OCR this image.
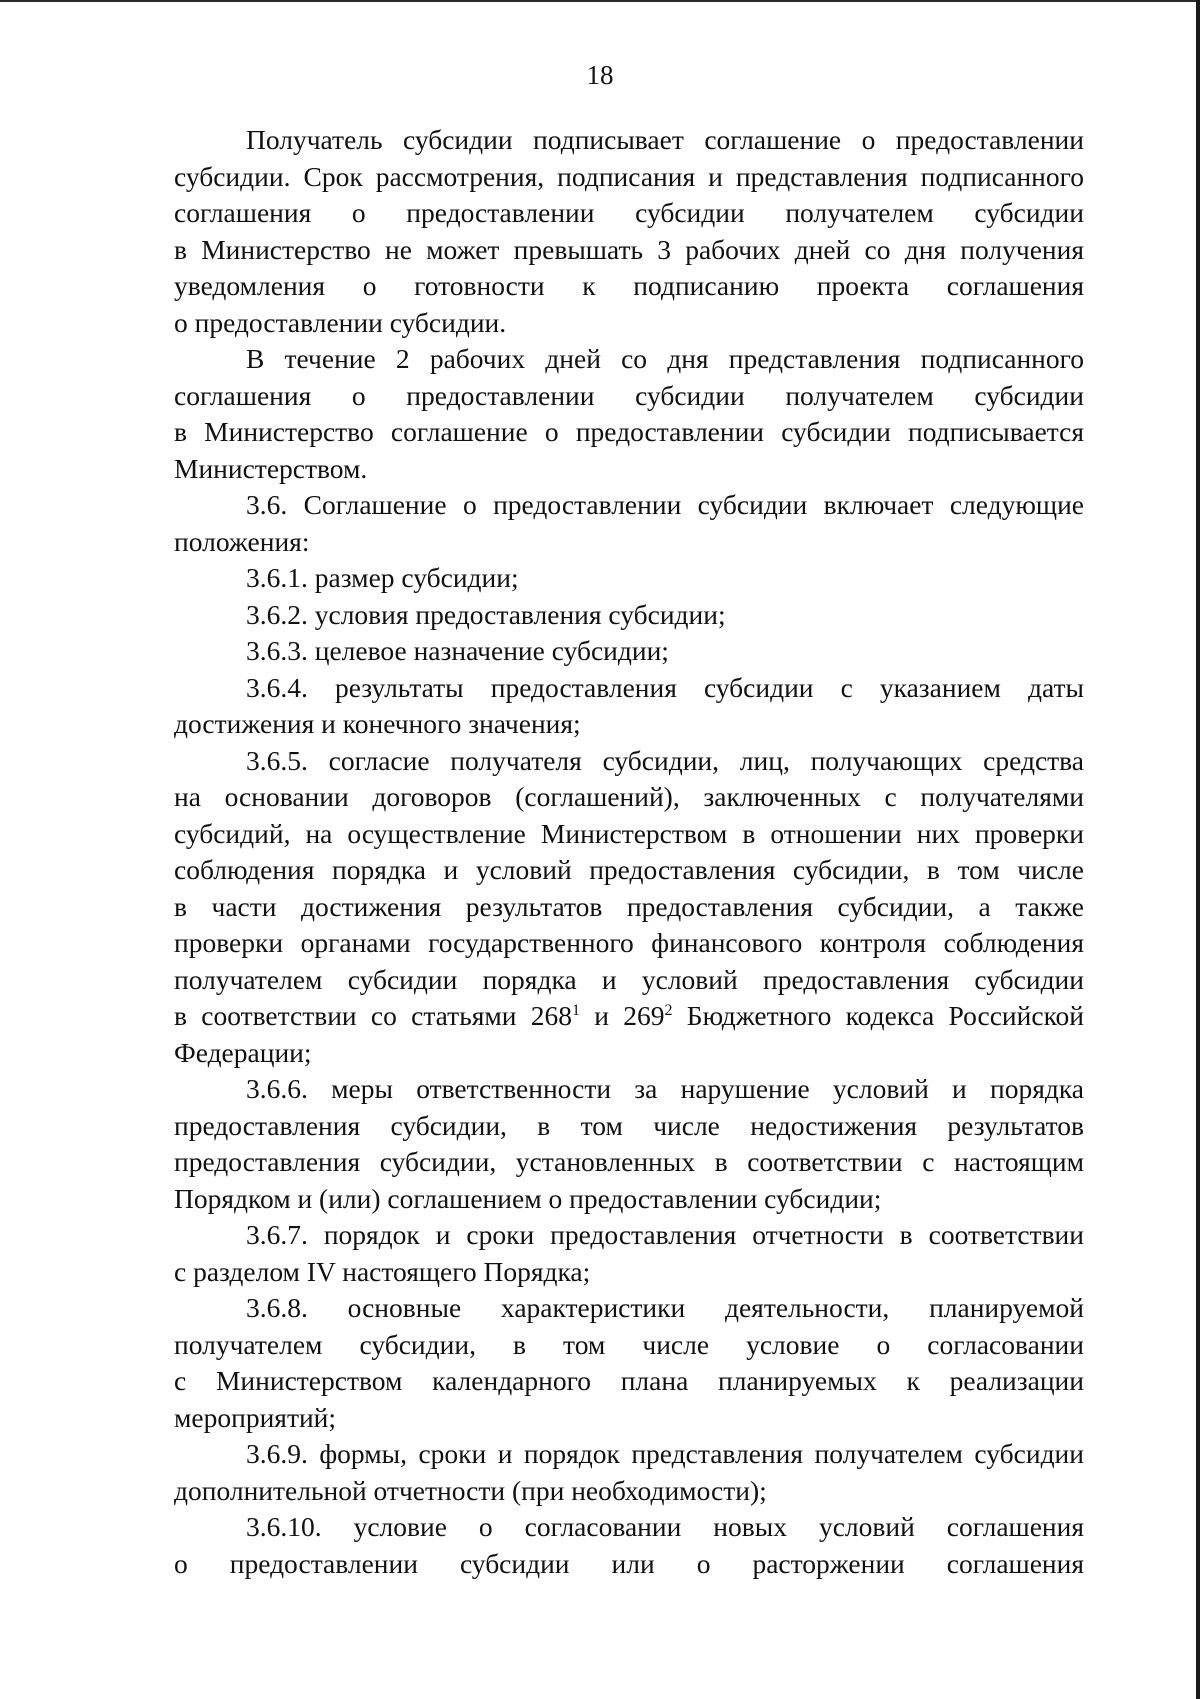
18
Получатель субсидии подписывает соглашение о предоставлении
субсидии. Срок рассмотрения, подписания и представления подписанного
соглашения о предоставлении субсидии получателем субсидии
в Министерство не может превышать 3 рабочих дней со дня получения
уведомления о готовности к подписанию проекта соглашения
о предоставлении субсидии.
В течение 2 рабочих дней со дня представления подписанного
соглашения о предоставлении субсидии получателем субсидии
в Министерство соглашение о предоставлении субсидии подписывается
Министерством.
3.6. Соглашение о предоставлении субсидии включает следующие
положения:
3.6.1. размер субсидии;
3.6.2. условия предоставления субсидии;
3.6.3. целевое назначение субсидии;
3.6.4. результаты предоставления субсидии с указанием даты
достижения и конечного значения;
3.6.5. согласие получателя субсидии, лиц, получающих средства
на основании договоров (соглашений), заключенных с получателями
субсидий, на осуществление Министерством в отношении них проверки
соблюдения порядка и условий предоставления субсидии, в том числе
в части достижения результатов предоставления субсидии, а также
проверки органами государственного финансового контроля соблюдения
получателем субсидии порядка и условий предоставления субсидии
в соответствии со статьями $268^1$ и $269^2$ Бюджетного кодекса Российской
Федерации;
3.6.6. меры ответственности за нарушение условий и порядка
предоставления субсидии, в том числе недостижения результатов
предоставления субсидии, установленных в соответствии с настоящим
Порядком и (или) соглашением о предоставлении субсидии;
3.6.7. порядок и сроки предоставления отчетности в соответствии
с разделом IV настоящего Порядка;
3.6.8. основные характеристики деятельности, планируемой
получателем субсидии, в том числе условие о согласовании
с Министерством календарного плана планируемых к реализации
мероприятий;
3.6.9. формы, сроки и порядок представления получателем субсидии
дополнительной отчетности (при необходимости);
3.6.10. условие о согласовании новых условий соглашения
о предоставлении субсидии или о расторжении соглашения
